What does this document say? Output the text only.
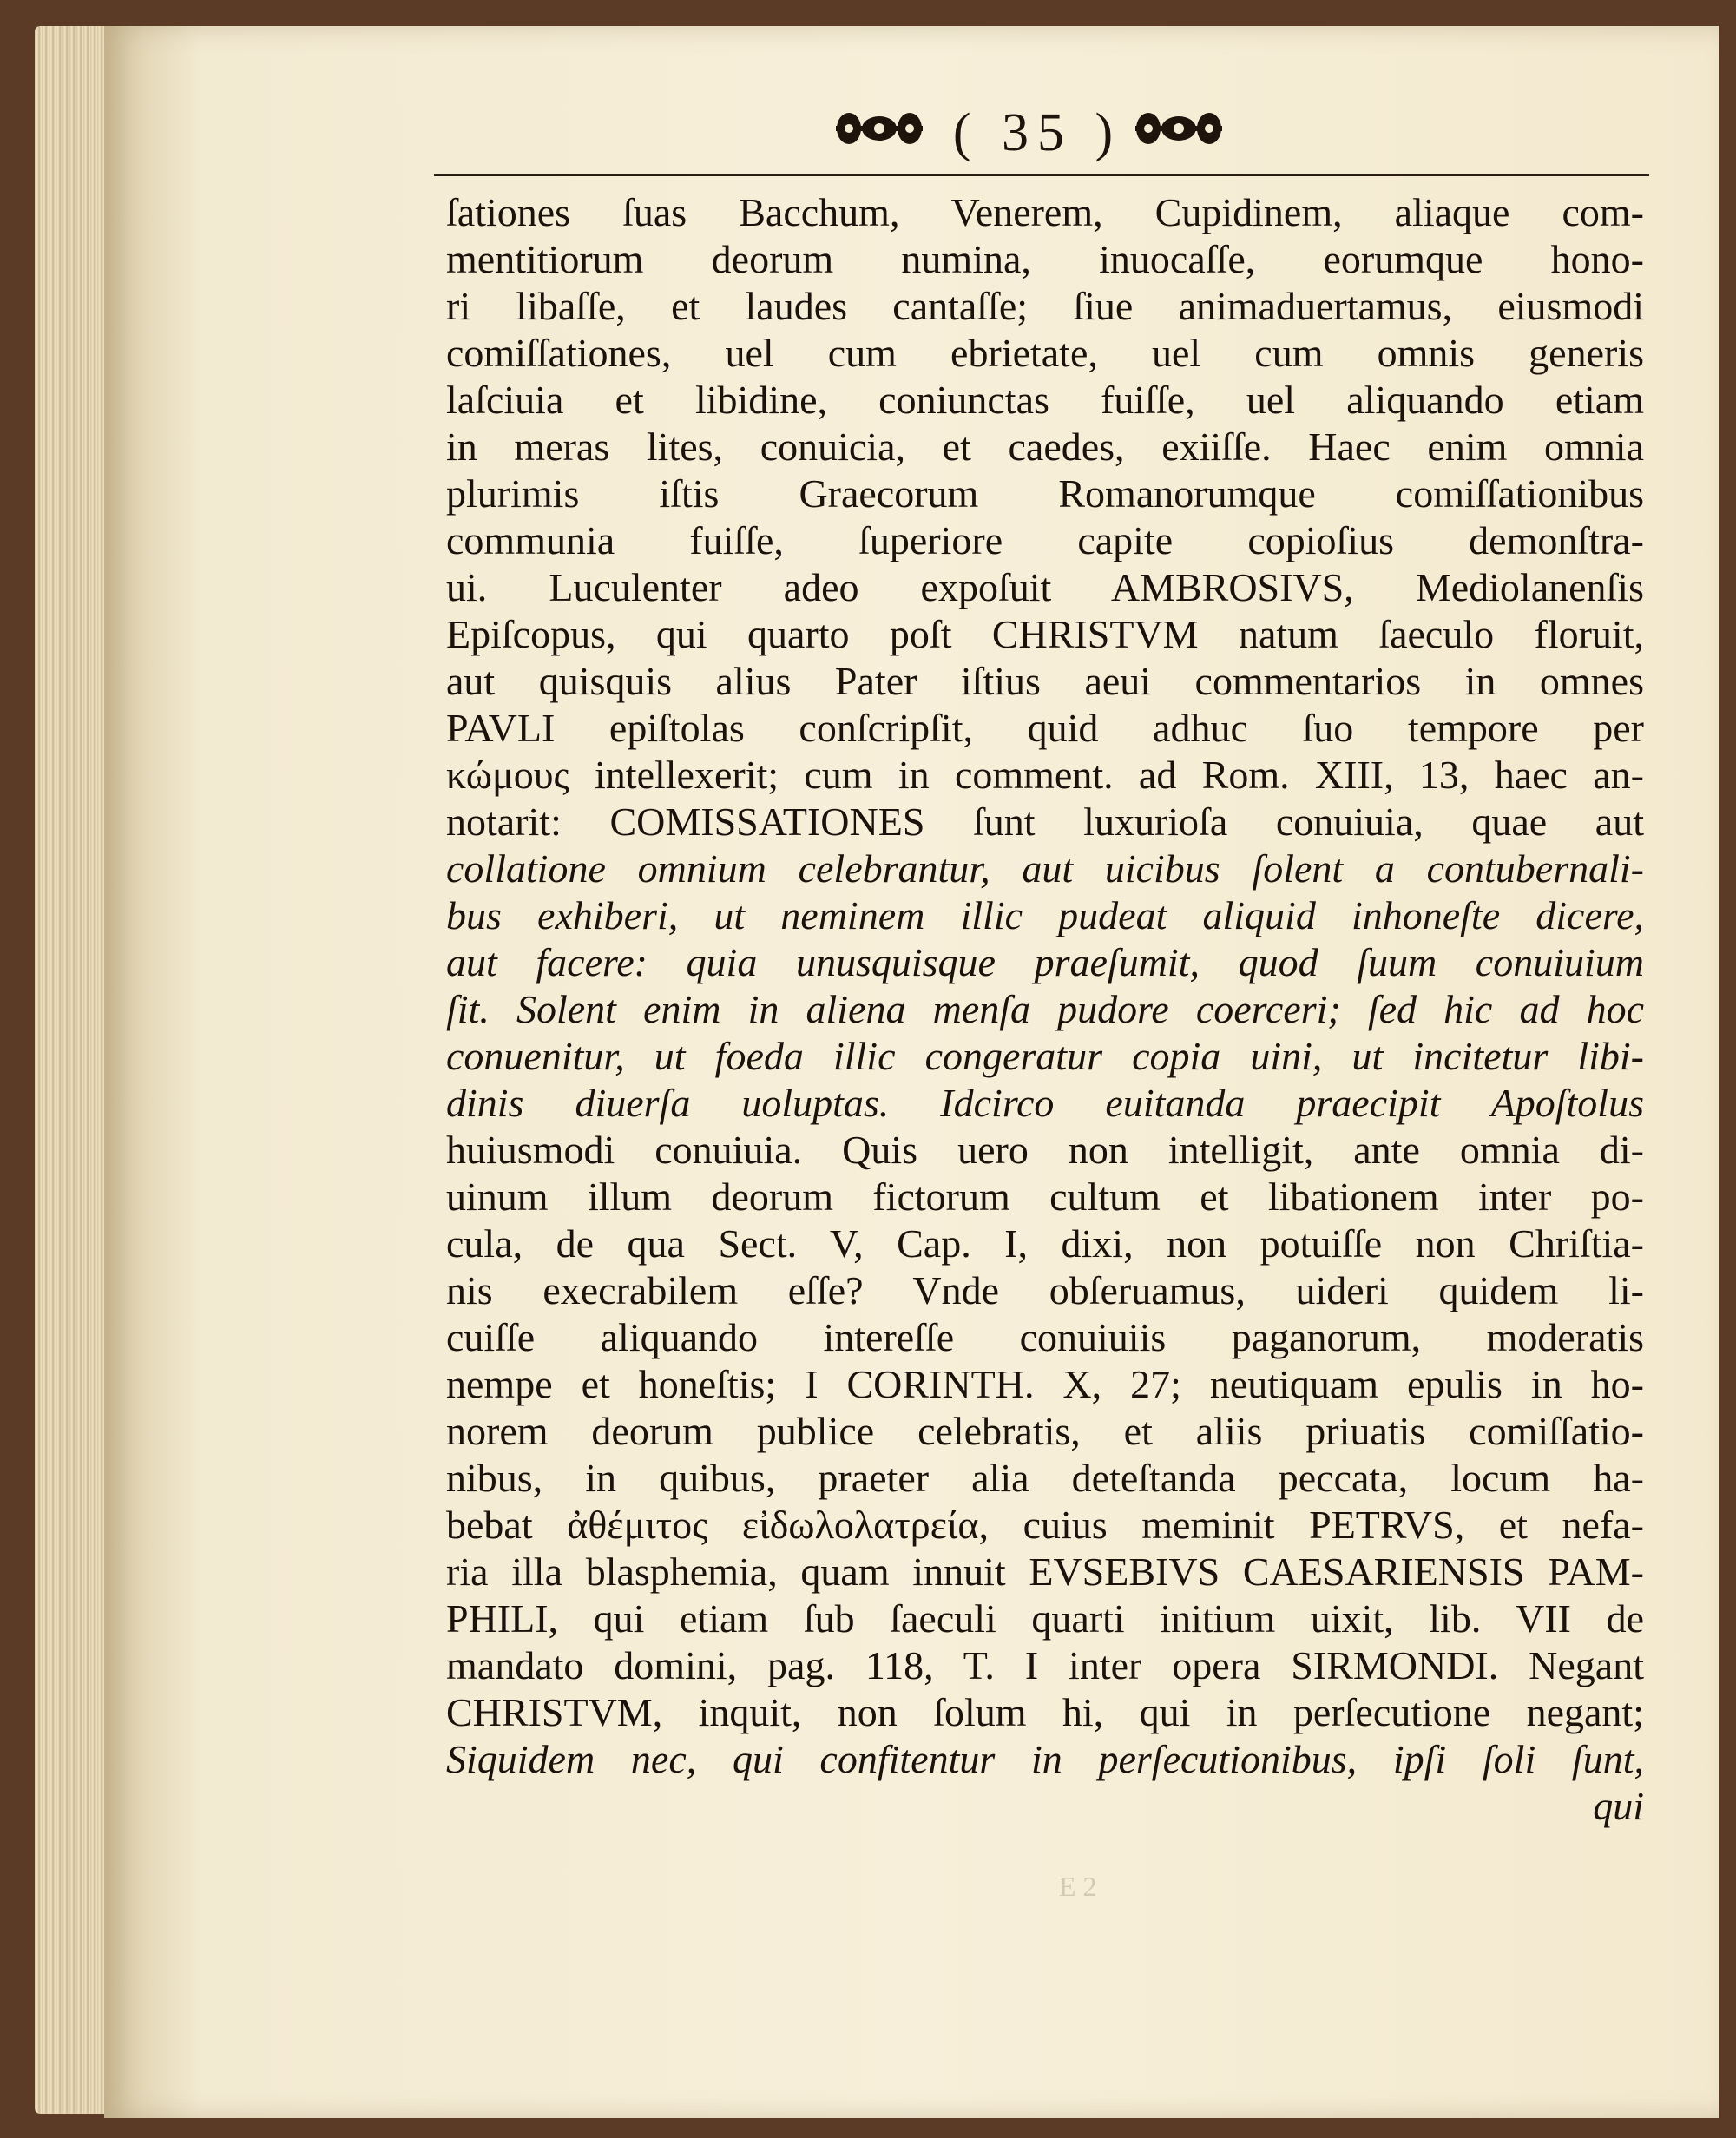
( 35 )
ſationes ſuas Bacchum, Venerem, Cupidinem, aliaque com-
mentitiorum deorum numina, inuocaſſe, eorumque hono-
ri libaſſe, et laudes cantaſſe; ſiue animaduertamus, eiusmodi
comiſſationes, uel cum ebrietate, uel cum omnis generis
laſciuia et libidine, coniunctas fuiſſe, uel aliquando etiam
in meras lites, conuicia, et caedes, exiiſſe. Haec enim omnia
plurimis iſtis Graecorum Romanorumque comiſſationibus
communia fuiſſe, ſuperiore capite copioſius demonſtra-
ui. Luculenter adeo expoſuit AMBROSIVS, Mediolanenſis
Epiſcopus, qui quarto poſt CHRISTVM natum ſaeculo floruit,
aut quisquis alius Pater iſtius aeui commentarios in omnes
PAVLI epiſtolas conſcripſit, quid adhuc ſuo tempore per
κώμους intellexerit; cum in comment. ad Rom. XIII, 13, haec an-
notarit: COMISSATIONES ſunt luxurioſa conuiuia, quae aut
collatione omnium celebrantur, aut uicibus ſolent a contubernali-
bus exhiberi, ut neminem illic pudeat aliquid inhoneſte dicere,
aut facere: quia unusquisque praeſumit, quod ſuum conuiuium
ſit. Solent enim in aliena menſa pudore coerceri; ſed hic ad hoc
conuenitur, ut foeda illic congeratur copia uini, ut incitetur libi-
dinis diuerſa uoluptas. Idcirco euitanda praecipit Apoſtolus
huiusmodi conuiuia. Quis uero non intelligit, ante omnia di-
uinum illum deorum fictorum cultum et libationem inter po-
cula, de qua Sect. V, Cap. I, dixi, non potuiſſe non Chriſtia-
nis execrabilem eſſe? Vnde obſeruamus, uideri quidem li-
cuiſſe aliquando intereſſe conuiuiis paganorum, moderatis
nempe et honeſtis; I CORINTH. X, 27; neutiquam epulis in ho-
norem deorum publice celebratis, et aliis priuatis comiſſatio-
nibus, in quibus, praeter alia deteſtanda peccata, locum ha-
bebat ἀθέμιτος εἰδωλολατρεία, cuius meminit PETRVS, et nefa-
ria illa blasphemia, quam innuit EVSEBIVS CAESARIENSIS PAM-
PHILI, qui etiam ſub ſaeculi quarti initium uixit, lib. VII de
mandato domini, pag. 118, T. I inter opera SIRMONDI. Negant
CHRISTVM, inquit, non ſolum hi, qui in perſecutione negant;
Siquidem nec, qui confitentur in perſecutionibus, ipſi ſoli ſunt,
qui
E 2
